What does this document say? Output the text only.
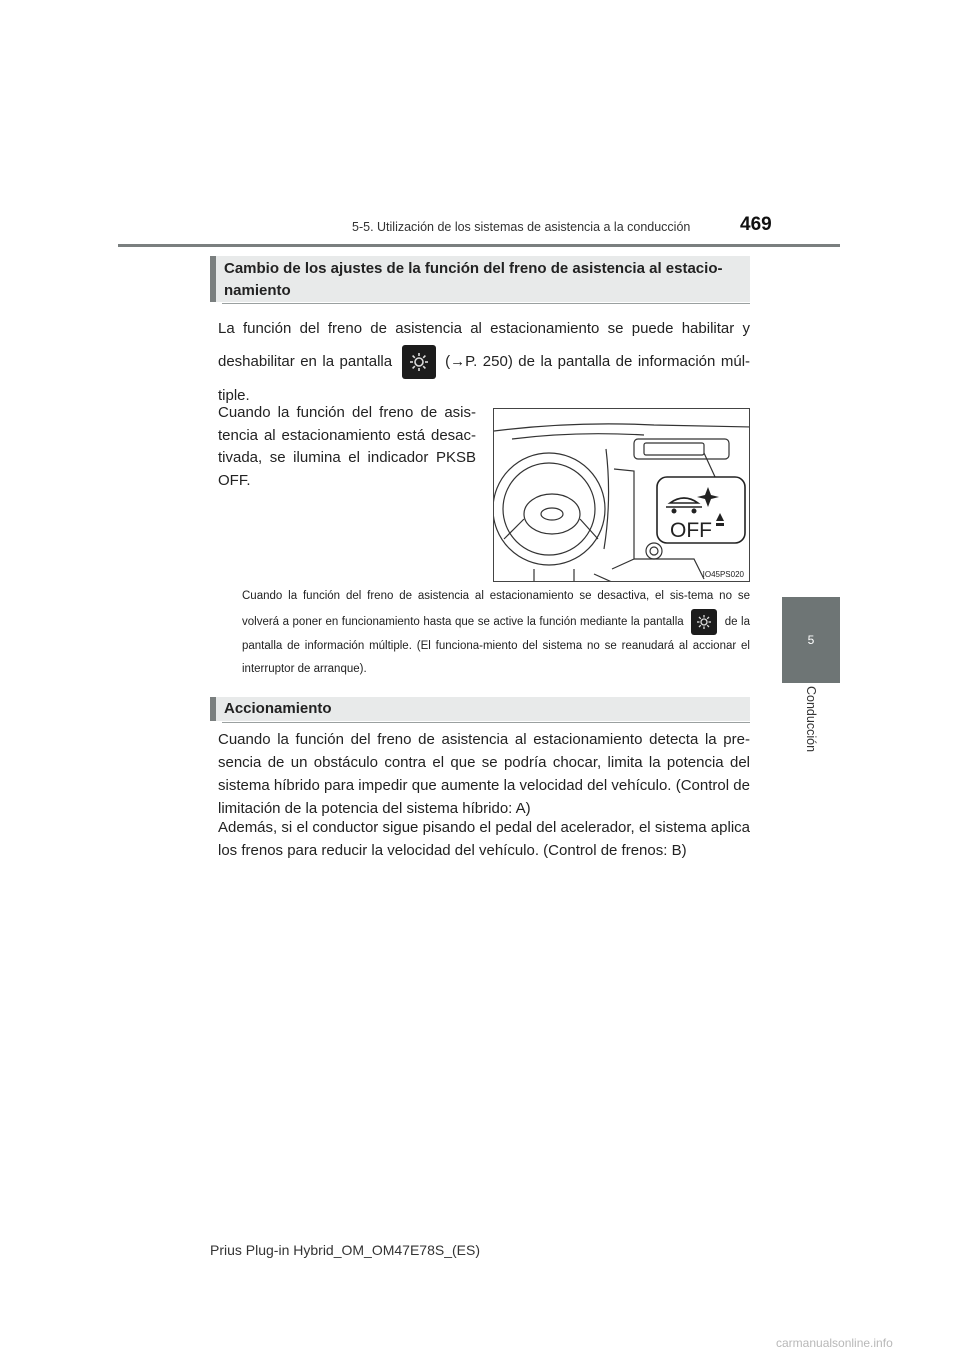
5-5. Utilización de los sistemas de asistencia a la conducción	469
5
Conducción
Cambio de los ajustes de la función del freno de asistencia al estacio-namiento
La función del freno de asistencia al estacionamiento se puede habilitar y deshabilitar en la pantalla	(→P. 250) de la pantalla de información múl-tiple.
Cuando la función del freno de asis-tencia al estacionamiento está desac-tivada, se ilumina el indicador PKSB OFF.
OFF
IO45PS020
Cuando la función del freno de asistencia al estacionamiento se desactiva, el sis-tema no se volverá a poner en funcionamiento hasta que se active la función mediante la pantalla	de la pantalla de información múltiple. (El funciona-miento del sistema no se reanudará al accionar el interruptor de arranque).
Accionamiento
Cuando la función del freno de asistencia al estacionamiento detecta la pre-sencia de un obstáculo contra el que se podría chocar, limita la potencia del sistema híbrido para impedir que aumente la velocidad del vehículo. (Control de limitación de la potencia del sistema híbrido: A)
Además, si el conductor sigue pisando el pedal del acelerador, el sistema aplica los frenos para reducir la velocidad del vehículo. (Control de frenos: B)
Prius Plug-in Hybrid_OM_OM47E78S_(ES)
carmanualsonline.info
